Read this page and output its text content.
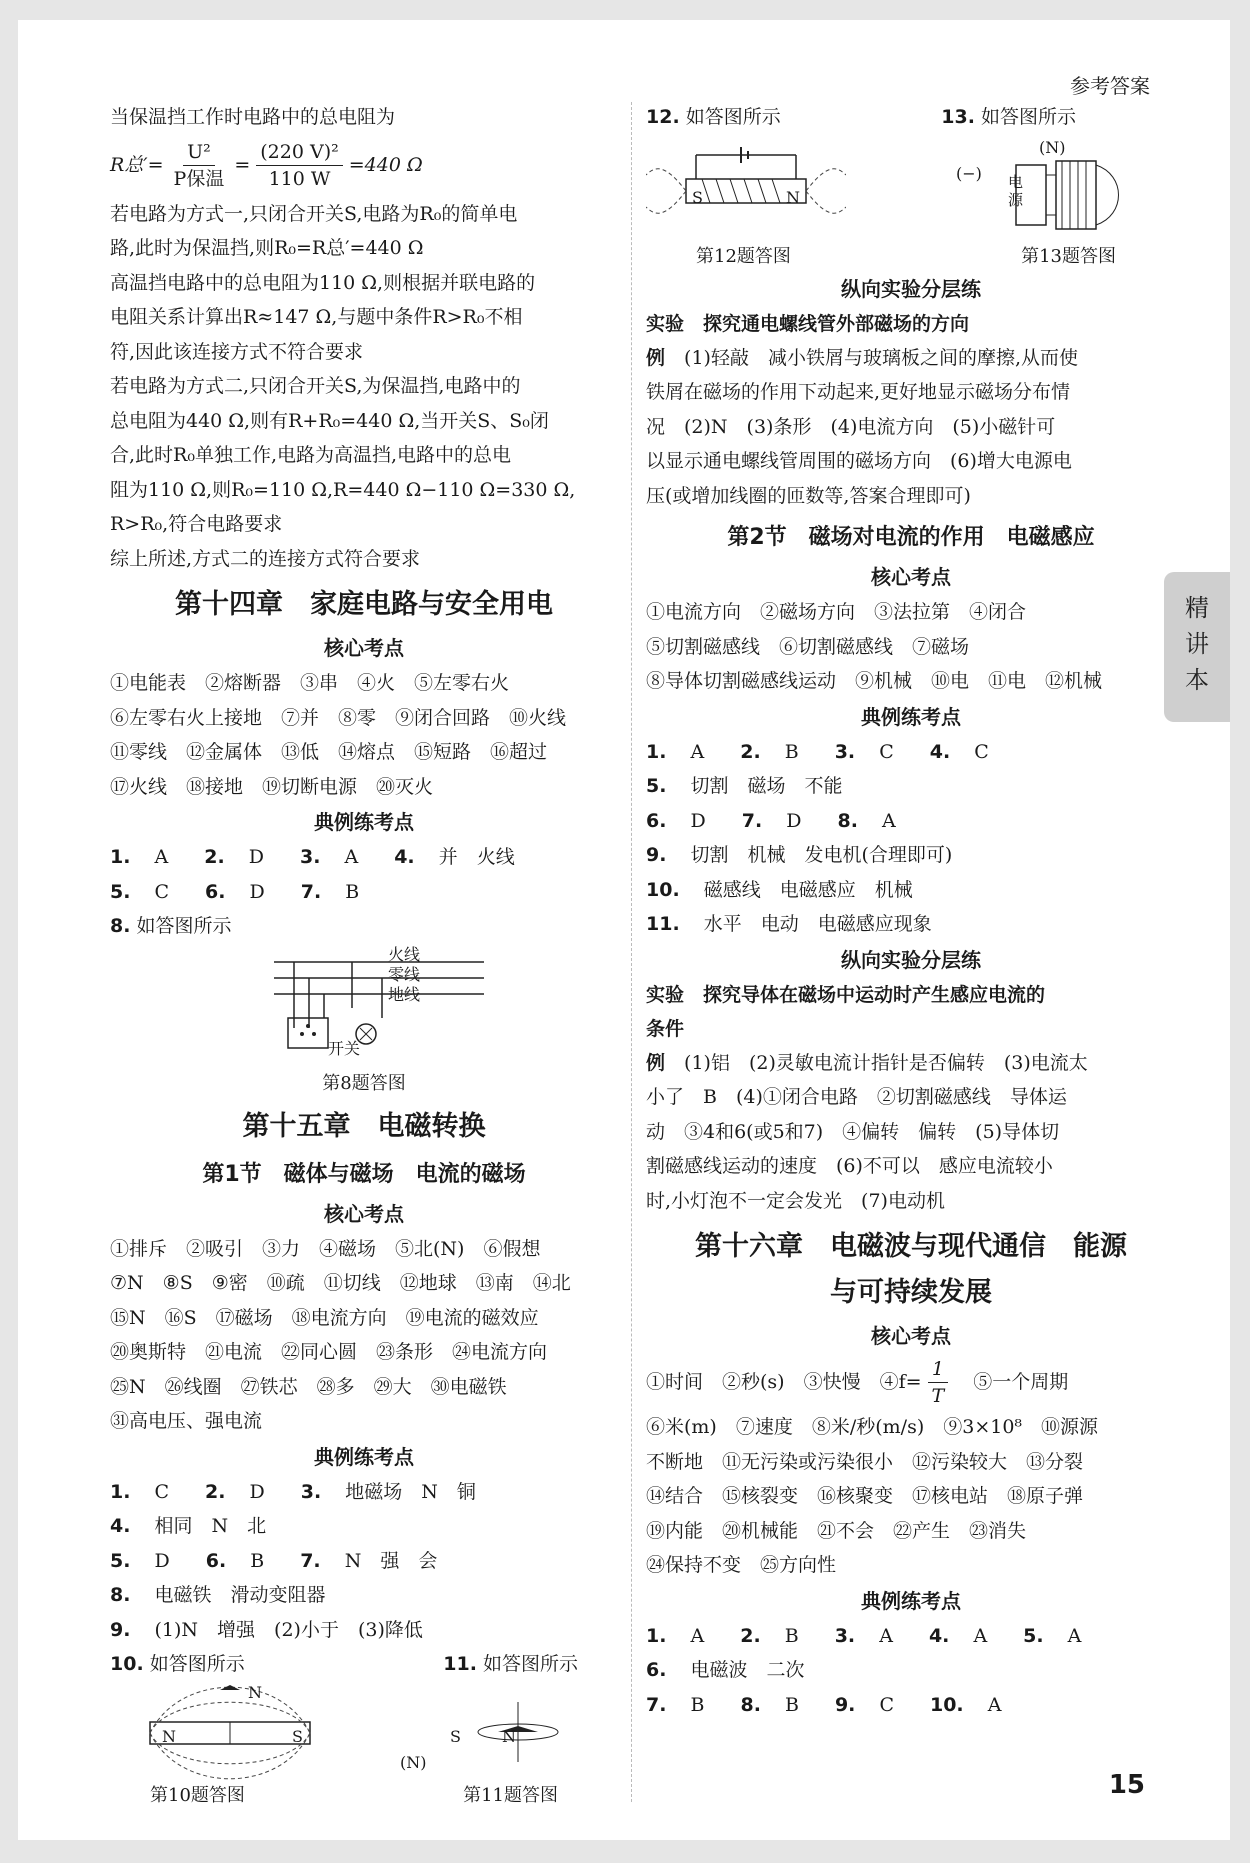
参考答案

当保温挡工作时电路中的总电阻为

R总′= $\frac{\text{U²}}{\text{P保温}} = \frac{\text{(220 V)²}}{110 W} =440$ Ω

若电路为方式一,只闭合开关S,电路为R₀的简单电

路,此时为保温挡,则R₀=R总′=440 Ω

高温挡电路中的总电阻为110 Ω,则根据并联电路的

电阻关系计算出R≈147 Ω,与题中条件R>R₀不相

符,因此该连接方式不符合要求

若电路为方式二,只闭合开关S,为保温挡,电路中的

总电阻为440 Ω,则有R+R₀=440 Ω,当开关S、S₀闭

合,此时R₀单独工作,电路为高温挡,电路中的总电

阻为110 Ω,则R₀=110 Ω,R=440 Ω−110 Ω=330 Ω,

R>R₀,符合电路要求

综上所述,方式二的连接方式符合要求

第十四章　家庭电路与安全用电
核心考点

①电能表　②熔断器　③串　④火　⑤左零右火

⑥左零右火上接地　⑦并　⑧零　⑨闭合回路　⑩火线

⑪零线　⑫金属体　⑬低　⑭熔点　⑮短路　⑯超过

⑰火线　⑱接地　⑲切断电源　⑳灭火

典例练考点
1. A	2. D	3. A	4. 并　火线
5. C	6. D	7. B

8. 如答图所示

火线
零线
地线
开关
第8题答图
第十五章　电磁转换
第1节　磁体与磁场　电流的磁场
核心考点

①排斥　②吸引　③力　④磁场　⑤北(N)　⑥假想

⑦N　⑧S　⑨密　⑩疏　⑪切线　⑫地球　⑬南　⑭北

⑮N　⑯S　⑰磁场　⑱电流方向　⑲电流的磁效应

⑳奥斯特　㉑电流　㉒同心圆　㉓条形　㉔电流方向

㉕N　㉖线圈　㉗铁芯　㉘多　㉙大　㉚电磁铁

㉛高电压、强电流

典例练考点
1. C	2. D	3. 地磁场　N　铜
4. 相同　N　北
5. D	6. B	7. N　强　会
8. 电磁铁　滑动变阻器
9. (1)N　增强　(2)小于　(3)降低
10. 如答图所示	11. 如答图所示
N	S
N
S	N
(N)
第10题答图	第11题答图
12. 如答图所示	13. 如答图所示
S	N
(N)
(−) 电源
第12题答图	第13题答图
纵向实验分层练
实验　探究通电螺线管外部磁场的方向

例　 (1)轻敲　减小铁屑与玻璃板之间的摩擦,从而使

铁屑在磁场的作用下动起来,更好地显示磁场分布情

况　(2)N　(3)条形　(4)电流方向　(5)小磁针可

以显示通电螺线管周围的磁场方向　(6)增大电源电

压(或增加线圈的匝数等,答案合理即可)

第2节　磁场对电流的作用　电磁感应
核心考点

①电流方向　②磁场方向　③法拉第　④闭合

⑤切割磁感线　⑥切割磁感线　⑦磁场

⑧导体切割磁感线运动　⑨机械　⑩电　⑪电　⑫机械

典例练考点
1. A	2. B	3. C	4. C
5. 切割　磁场　不能
6. D	7. D	8. A
9. 切割　机械　发电机(合理即可)
10. 磁感线　电磁感应　机械
11. 水平　电动　电磁感应现象
纵向实验分层练
实验　探究导体在磁场中运动时产生感应电流的
条件

例　 (1)铝　(2)灵敏电流计指针是否偏转　(3)电流太

小了　B　(4)①闭合电路　②切割磁感线　导体运

动　③4和6(或5和7)　④偏转　偏转　(5)导体切

割磁感线运动的速度　(6)不可以　感应电流较小

时,小灯泡不一定会发光　(7)电动机

第十六章　电磁波与现代通信　能源
与可持续发展
核心考点
①时间　②秒(s)　③快慢　④f= $\frac{1}{T}$ 　⑤一个周期

⑥米(m)　⑦速度　⑧米/秒(m/s)　⑨3×10⁸　⑩源源

不断地　⑪无污染或污染很小　⑫污染较大　⑬分裂

⑭结合　⑮核裂变　⑯核聚变　⑰核电站　⑱原子弹

⑲内能　⑳机械能　㉑不会　㉒产生　㉓消失

㉔保持不变　㉕方向性

典例练考点
1. A	2. B	3. A	4. A	5. A
6. 电磁波　二次
7. B	8. B	9. C	10. A
精
讲
本
15
